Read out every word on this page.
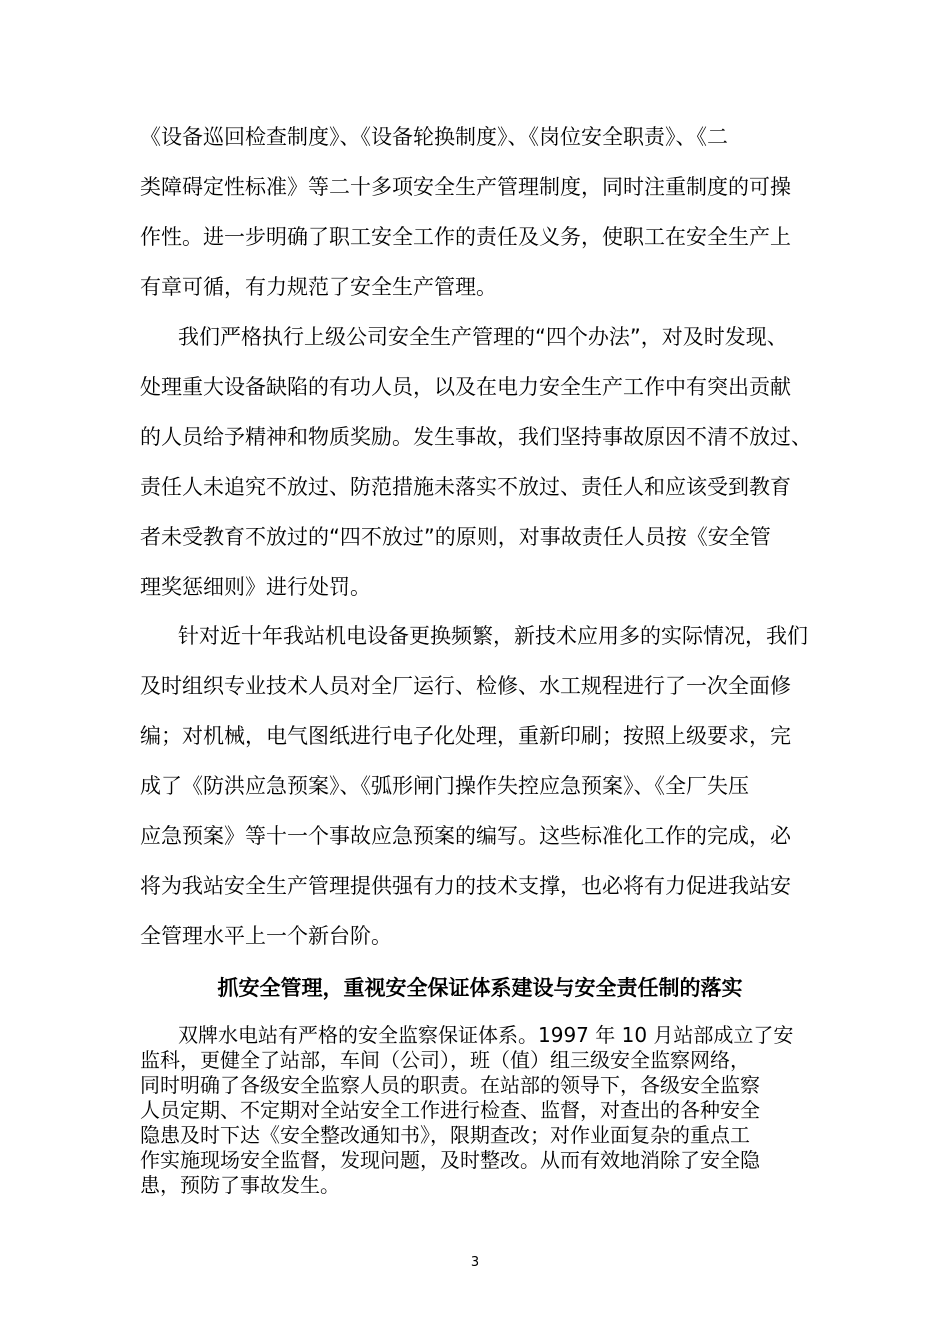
《设备巡回检查制度》、《设备轮换制度》、《岗位安全职责》、《二
类障碍定性标准》等二十多项安全生产管理制度，同时注重制度的可操
作性。进一步明确了职工安全工作的责任及义务，使职工在安全生产上
有章可循，有力规范了安全生产管理。
我们严格执行上级公司安全生产管理的“四个办法”，对及时发现、
处理重大设备缺陷的有功人员，以及在电力安全生产工作中有突出贡献
的人员给予精神和物质奖励。发生事故，我们坚持事故原因不清不放过、
责任人未追究不放过、防范措施未落实不放过、责任人和应该受到教育
者未受教育不放过的“四不放过”的原则，对事故责任人员按《安全管
理奖惩细则》进行处罚。
针对近十年我站机电设备更换频繁，新技术应用多的实际情况，我们
及时组织专业技术人员对全厂运行、检修、水工规程进行了一次全面修
编；对机械，电气图纸进行电子化处理，重新印刷；按照上级要求，完
成了《防洪应急预案》、《弧形闸门操作失控应急预案》、《全厂失压
应急预案》等十一个事故应急预案的编写。这些标准化工作的完成，必
将为我站安全生产管理提供强有力的技术支撑，也必将有力促进我站安
全管理水平上一个新台阶。
抓安全管理，重视安全保证体系建设与安全责任制的落实
双牌水电站有严格的安全监察保证体系。1997 年 10 月站部成立了安
监科，更健全了站部，车间（公司），班（值）组三级安全监察网络，
同时明确了各级安全监察人员的职责。在站部的领导下，各级安全监察
人员定期、不定期对全站安全工作进行检查、监督，对查出的各种安全
隐患及时下达《安全整改通知书》，限期查改；对作业面复杂的重点工
作实施现场安全监督，发现问题，及时整改。从而有效地消除了安全隐
患，预防了事故发生。
3
